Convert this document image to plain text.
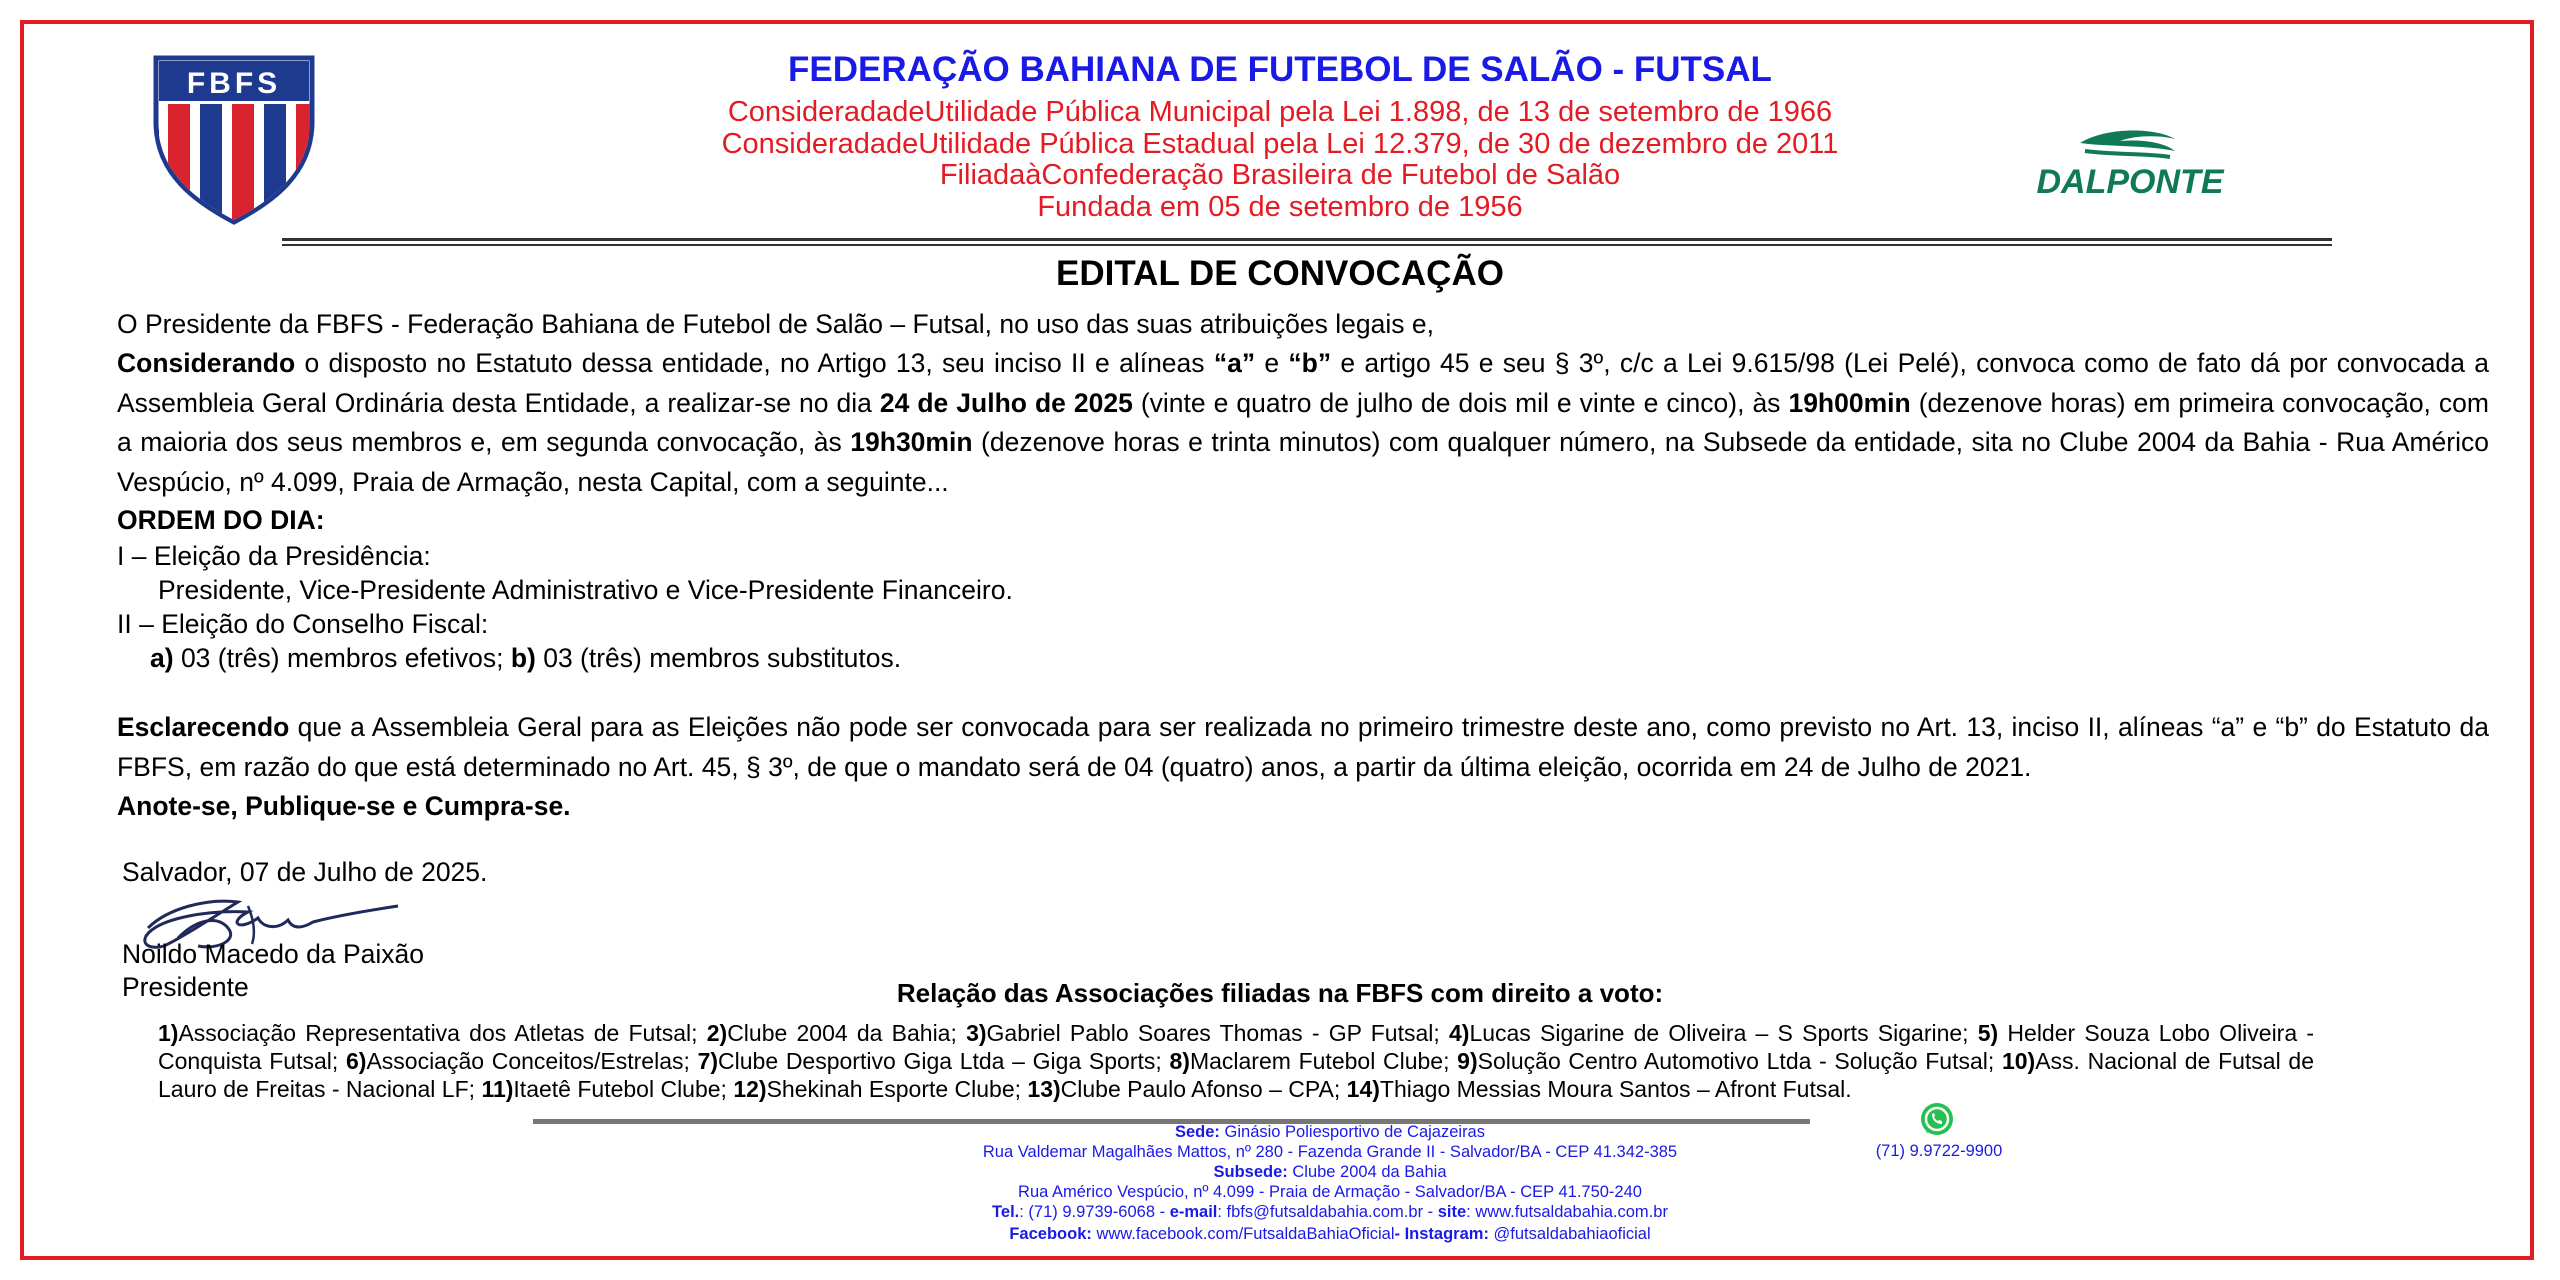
FBFS
DALPONTE
FEDERAÇÃO BAHIANA DE FUTEBOL DE SALÃO - FUTSAL
ConsideradadeUtilidade Pública Municipal pela Lei 1.898, de 13 de setembro de 1966
ConsideradadeUtilidade Pública Estadual pela Lei 12.379, de 30 de dezembro de 2011
FiliadaàConfederação Brasileira de Futebol de Salão
Fundada em 05 de setembro de 1956
EDITAL DE CONVOCAÇÃO
O Presidente da FBFS - Federação Bahiana de Futebol de Salão – Futsal, no uso das suas atribuições legais e,
Considerando o disposto no Estatuto dessa entidade, no Artigo 13, seu inciso II e alíneas “a” e “b” e artigo 45 e seu § 3º, c/c a Lei 9.615/98 (Lei Pelé), convoca como de fato dá por convocada a Assembleia Geral Ordinária desta Entidade, a realizar-se no dia 24 de Julho de 2025 (vinte e quatro de julho de dois mil e vinte e cinco), às 19h00min (dezenove horas) em primeira convocação, com a maioria dos seus membros e, em segunda convocação, às 19h30min (dezenove horas e trinta minutos) com qualquer número, na Subsede da entidade, sita no Clube 2004 da Bahia - Rua Américo Vespúcio, nº 4.099, Praia de Armação, nesta Capital, com a seguinte...
ORDEM DO DIA:
I – Eleição da Presidência:
Presidente, Vice-Presidente Administrativo e Vice-Presidente Financeiro.
II – Eleição do Conselho Fiscal:
a) 03 (três) membros efetivos; b) 03 (três) membros substitutos.
Esclarecendo que a Assembleia Geral para as Eleições não pode ser convocada para ser realizada no primeiro trimestre deste ano, como previsto no Art. 13, inciso II, alíneas “a” e “b” do Estatuto da FBFS, em razão do que está determinado no Art. 45, § 3º, de que o mandato será de 04 (quatro) anos, a partir da última eleição, ocorrida em 24 de Julho de 2021.
Anote-se, Publique-se e Cumpra-se.
Salvador, 07 de Julho de 2025.
Noildo Macedo da Paixão
Presidente	Relação das Associações filiadas na FBFS com direito a voto:
1)Associação Representativa dos Atletas de Futsal; 2)Clube 2004 da Bahia; 3)Gabriel Pablo Soares Thomas - GP Futsal; 4)Lucas Sigarine de Oliveira – S Sports Sigarine; 5) Helder Souza Lobo Oliveira - Conquista Futsal; 6)Associação Conceitos/Estrelas; 7)Clube Desportivo Giga Ltda – Giga Sports; 8)Maclarem Futebol Clube; 9)Solução Centro Automotivo Ltda - Solução Futsal; 10)Ass. Nacional de Futsal de Lauro de Freitas - Nacional LF; 11)Itaetê Futebol Clube; 12)Shekinah Esporte Clube; 13)Clube Paulo Afonso – CPA; 14)Thiago Messias Moura Santos – Afront Futsal.
Sede: Ginásio Poliesportivo de Cajazeiras
Rua Valdemar Magalhães Mattos, nº 280 - Fazenda Grande II - Salvador/BA - CEP 41.342-385
Subsede: Clube 2004 da Bahia
Rua Américo Vespúcio, nº 4.099 - Praia de Armação - Salvador/BA - CEP 41.750-240
Tel.: (71) 9.9739-6068 - e-mail: fbfs@futsaldabahia.com.br - site: www.futsaldabahia.com.br
Facebook: www.facebook.com/FutsaldaBahiaOficial- Instagram: @futsaldabahiaoficial
(71) 9.9722-9900
